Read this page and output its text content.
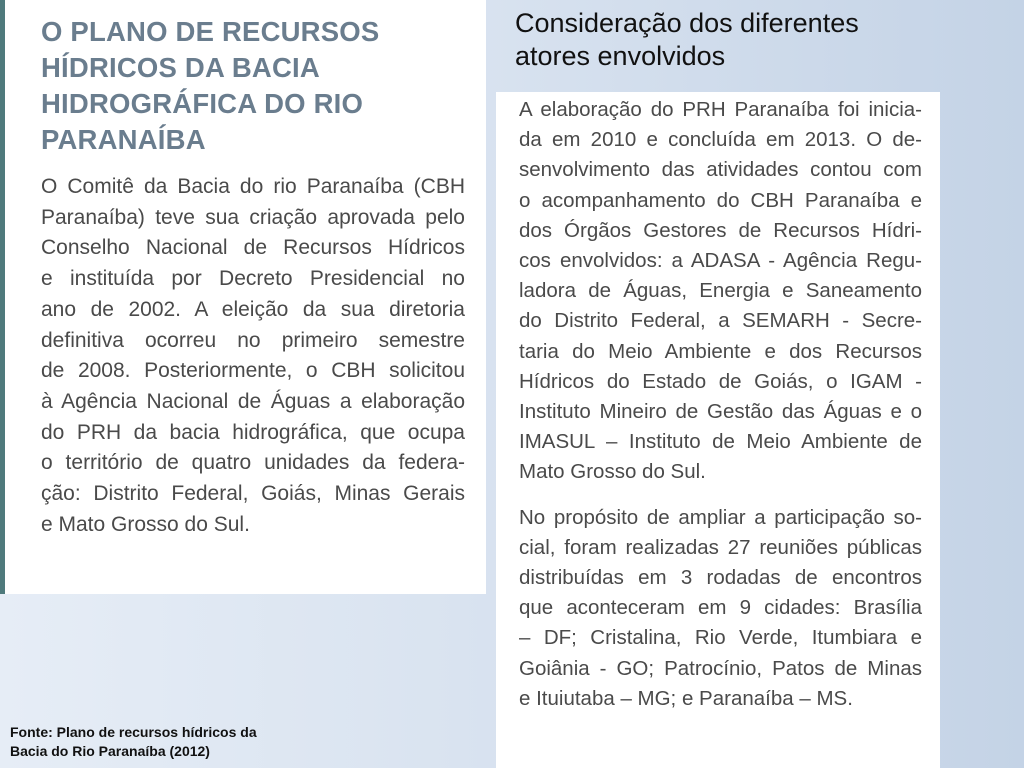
O PLANO DE RECURSOS
HÍDRICOS DA BACIA
HIDROGRÁFICA DO RIO
PARANAÍBA
O Comitê da Bacia do rio Paranaíba (CBH
Paranaíba) teve sua criação aprovada pelo
Conselho Nacional de Recursos Hídricos
e instituída por Decreto Presidencial no
ano de 2002. A eleição da sua diretoria
definitiva ocorreu no primeiro semestre
de 2008. Posteriormente, o CBH solicitou
à Agência Nacional de Águas a elaboração
do PRH da bacia hidrográfica, que ocupa
o território de quatro unidades da federa-
ção: Distrito Federal, Goiás, Minas Gerais
e Mato Grosso do Sul.
Consideração dos diferentes
atores envolvidos
A elaboração do PRH Paranaíba foi inicia-
da em 2010 e concluída em 2013. O de-
senvolvimento das atividades contou com
o acompanhamento do CBH Paranaíba e
dos Órgãos Gestores de Recursos Hídri-
cos envolvidos: a ADASA - Agência Regu-
ladora de Águas, Energia e Saneamento
do Distrito Federal, a SEMARH - Secre-
taria do Meio Ambiente e dos Recursos
Hídricos do Estado de Goiás, o IGAM -
Instituto Mineiro de Gestão das Águas e o
IMASUL – Instituto de Meio Ambiente de
Mato Grosso do Sul.
No propósito de ampliar a participação so-
cial, foram realizadas 27 reuniões públicas
distribuídas em 3 rodadas de encontros
que aconteceram em 9 cidades: Brasília
– DF; Cristalina, Rio Verde, Itumbiara e
Goiânia - GO; Patrocínio, Patos de Minas
e Ituiutaba – MG; e Paranaíba – MS.
Fonte: Plano de recursos hídricos da
Bacia do Rio Paranaíba (2012)
